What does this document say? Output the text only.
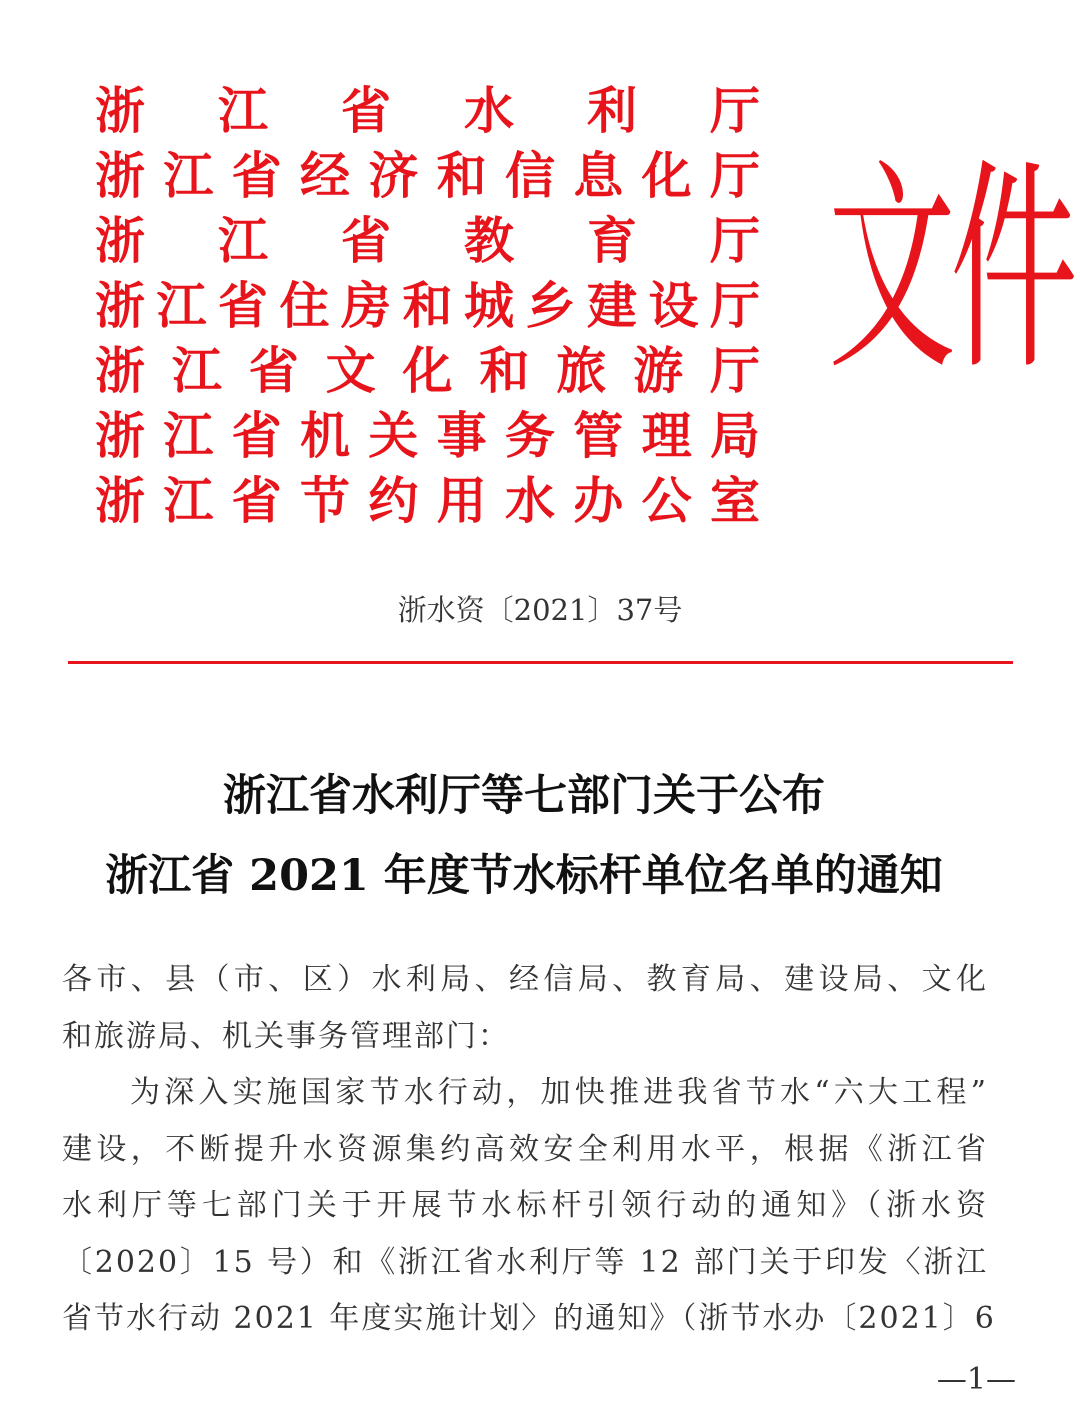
浙 江 省 水 利 厅
浙 江 省 经 济 和 信 息 化 厅
浙 江 省 教 育 厅
浙 江 省 住 房 和 城 乡 建 设 厅
浙 江 省 文 化 和 旅 游 厅
浙 江 省 机 关 事 务 管 理 局
浙 江 省 节 约 用 水 办 公 室
文件
浙水资〔2021〕37号
浙江省水利厅等七部门关于公布
浙江省 2021 年度节水标杆单位名单的通知
各市、县（市、区）水利局、经信局、教育局、建设局、文化
和旅游局、机关事务管理部门：
为深入实施国家节水行动，加快推进我省节水“六大工程”
建设，不断提升水资源集约高效安全利用水平，根据《浙江省
水利厅等七部门关于开展节水标杆引领行动的通知》（浙水资
〔2020〕15 号）和《浙江省水利厅等 12 部门关于印发〈浙江
省节水行动 2021 年度实施计划〉的通知》（浙节水办〔2021〕6
—1—
